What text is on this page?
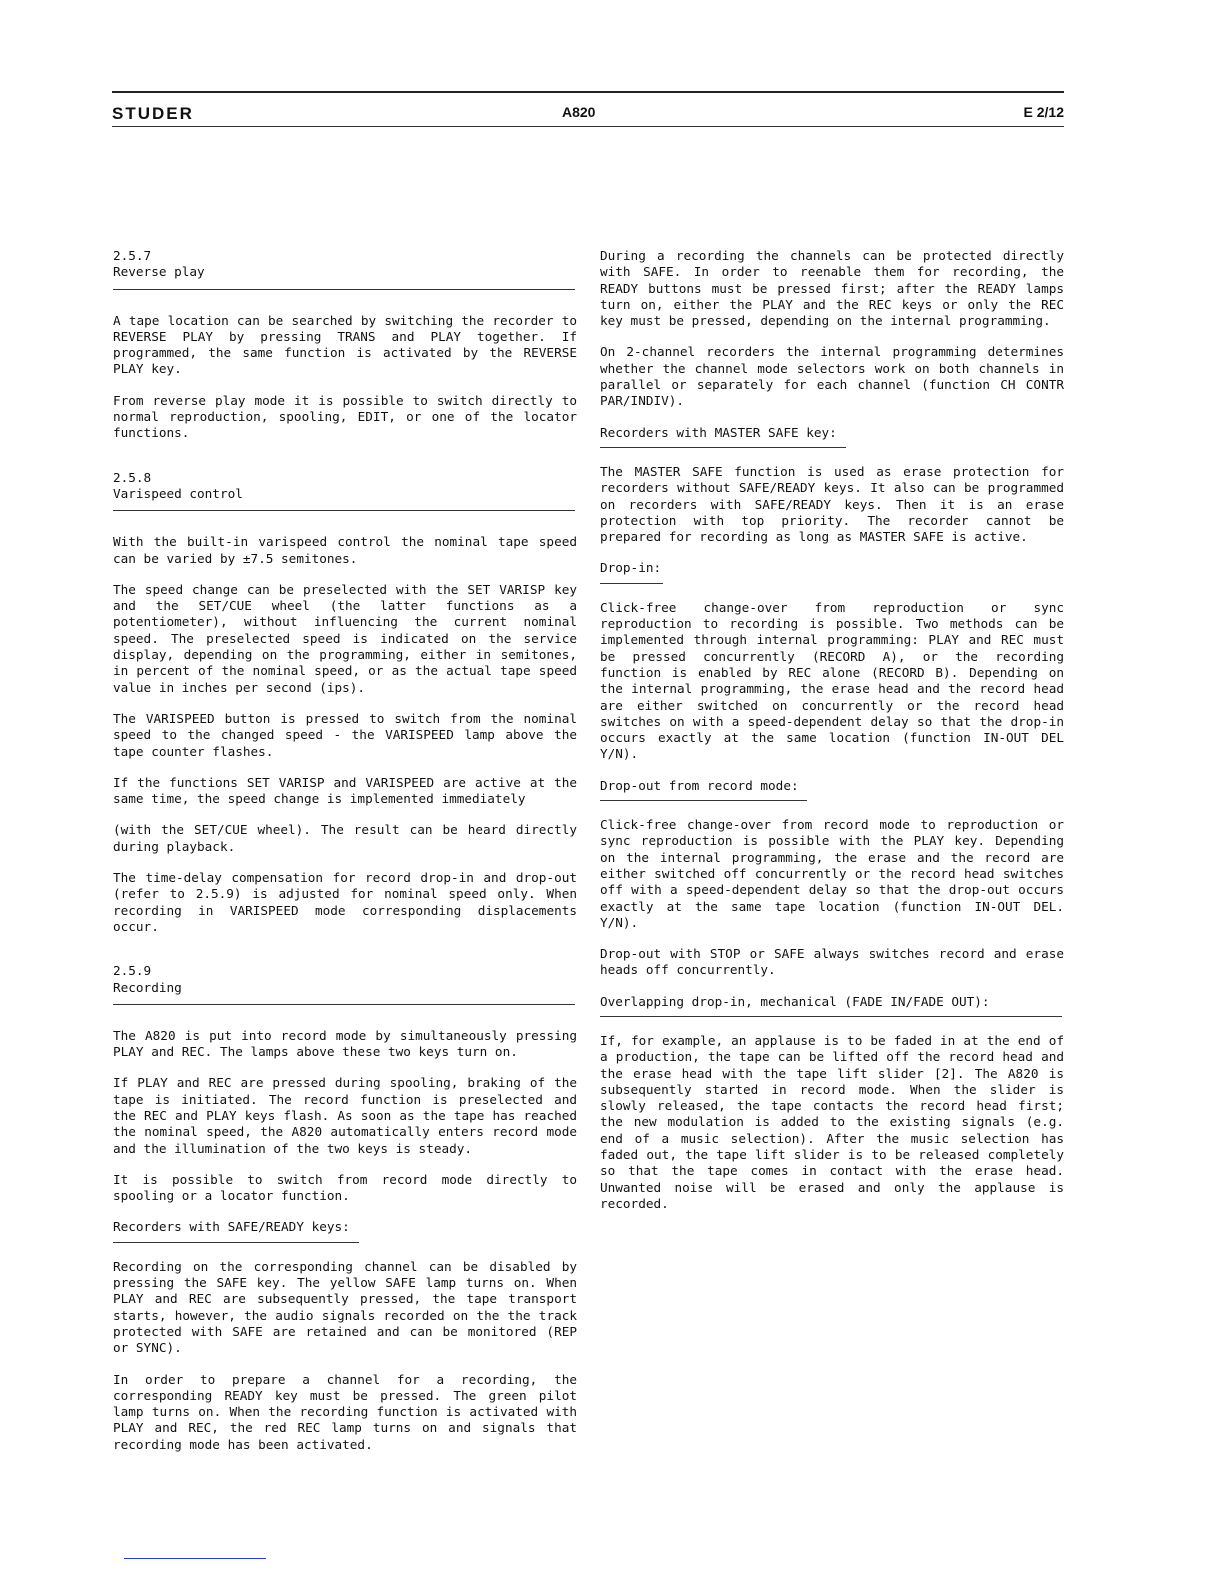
STUDER	A820	E 2/12

2.5.7

Reverse play

A tape location can be searched by switching the recorder to REVERSE PLAY by pressing TRANS and PLAY together. If programmed, the same function is activated by the REVERSE PLAY key.

From reverse play mode it is possible to switch directly to normal reproduction, spooling, EDIT, or one of the locator functions.

2.5.8

Varispeed control

With the built-in varispeed control the nominal tape speed can be varied by ±7.5 semitones.

The speed change can be preselected with the SET VARISP key and the SET/CUE wheel (the latter functions as a potentiometer), without influencing the current nominal speed. The preselected speed is indicated on the service display, depending on the programming, either in semitones, in percent of the nominal speed, or as the actual tape speed value in inches per second (ips).

The VARISPEED button is pressed to switch from the nominal speed to the changed speed - the VARISPEED lamp above the tape counter flashes.

If the functions SET VARISP and VARISPEED are active at the same time, the speed change is implemented immediately

(with the SET/CUE wheel). The result can be heard directly during playback.

The time-delay compensation for record drop-in and drop-out (refer to 2.5.9) is adjusted for nominal speed only. When recording in VARISPEED mode corresponding displacements occur.

2.5.9

Recording

The A820 is put into record mode by simultaneously pressing PLAY and REC. The lamps above these two keys turn on.

If PLAY and REC are pressed during spooling, braking of the tape is initiated. The record function is preselected and the REC and PLAY keys flash. As soon as the tape has reached the nominal speed, the A820 automatically enters record mode and the illumination of the two keys is steady.

It is possible to switch from record mode directly to spooling or a locator function.

Recorders with SAFE/READY keys:

Recording on the corresponding channel can be disabled by pressing the SAFE key. The yellow SAFE lamp turns on. When PLAY and REC are subsequently pressed, the tape transport starts, however, the audio signals recorded on the the track protected with SAFE are retained and can be monitored (REP or SYNC).

In order to prepare a channel for a recording, the corresponding READY key must be pressed. The green pilot lamp turns on. When the recording function is activated with PLAY and REC, the red REC lamp turns on and signals that recording mode has been activated.

During a recording the channels can be protected directly with SAFE. In order to reenable them for recording, the READY buttons must be pressed first; after the READY lamps turn on, either the PLAY and the REC keys or only the REC key must be pressed, depending on the internal programming.

On 2-channel recorders the internal programming determines whether the channel mode selectors work on both channels in parallel or separately for each channel (function CH CONTR PAR/INDIV).

Recorders with MASTER SAFE key:

The MASTER SAFE function is used as erase protection for recorders without SAFE/READY keys. It also can be programmed on recorders with SAFE/READY keys. Then it is an erase protection with top priority. The recorder cannot be prepared for recording as long as MASTER SAFE is active.

Drop-in:

Click-free change-over from reproduction or sync reproduction to recording is possible. Two methods can be implemented through internal programming: PLAY and REC must be pressed concurrently (RECORD A), or the recording function is enabled by REC alone (RECORD B). Depending on the internal programming, the erase head and the record head are either switched on concurrently or the record head switches on with a speed-dependent delay so that the drop-in occurs exactly at the same location (function IN-OUT DEL Y/N).

Drop-out from record mode:

Click-free change-over from record mode to reproduction or sync reproduction is possible with the PLAY key. Depending on the internal programming, the erase and the record are either switched off concurrently or the record head switches off with a speed-dependent delay so that the drop-out occurs exactly at the same tape location (function IN-OUT DEL. Y/N).

Drop-out with STOP or SAFE always switches record and erase heads off concurrently.

Overlapping drop-in, mechanical (FADE IN/FADE OUT):

If, for example, an applause is to be faded in at the end of a production, the tape can be lifted off the record head and the erase head with the tape lift slider [2]. The A820 is subsequently started in record mode. When the slider is slowly released, the tape contacts the record head first; the new modulation is added to the existing signals (e.g. end of a music selection). After the music selection has faded out, the tape lift slider is to be released completely so that the tape comes in contact with the erase head. Unwanted noise will be erased and only the applause is recorded.
